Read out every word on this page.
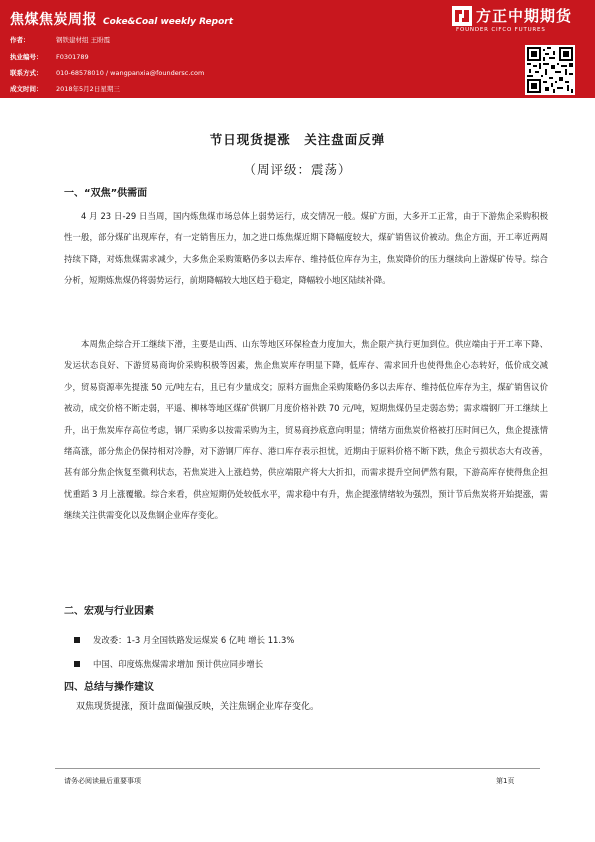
焦煤焦炭周报 Coke&Coal weekly Report
作者：	钢铁建材组 王盼霞
执业编号： F0301789
联系方式： 010-68578010 / wangpanxia@foundersc.com
成文时间： 2018年5月2日星期三
方正中期期货
FOUNDER CIFCO FUTURES
节日现货提涨　关注盘面反弹
（周评级：震荡）
一、“双焦”供需面
4 月 23 日-29 日当周，国内炼焦煤市场总体上弱势运行，成交情况一般。煤矿方面，大多开工正常，由于下游焦企采购积极性一般，部分煤矿出现库存，有一定销售压力，加之进口炼焦煤近期下降幅度较大，煤矿销售议价被动。焦企方面，开工率近两周持续下降，对炼焦煤需求减少，大多焦企采购策略仍多以去库存、维持低位库存为主，焦炭降价的压力继续向上游煤矿传导。综合分析，短期炼焦煤仍将弱势运行，前期降幅较大地区趋于稳定，降幅较小地区陆续补降。
本周焦企综合开工继续下滑，主要是山西、山东等地区环保检查力度加大，焦企限产执行更加到位。供应端由于开工率下降、发运状态良好、下游贸易商询价采购积极等因素，焦企焦炭库存明显下降，低库存、需求回升也使得焦企心态转好，低价成交减少，贸易资源率先提涨 50 元/吨左右，且已有少量成交；原料方面焦企采购策略仍多以去库存、维持低位库存为主，煤矿销售议价被动，成交价格不断走弱，平遥、柳林等地区煤矿供钢厂月度价格补跌 70 元/吨，短期焦煤仍呈走弱态势；需求端钢厂开工继续上升，出于焦炭库存高位考虑，钢厂采购多以按需采购为主，贸易商抄底意向明显；情绪方面焦炭价格被打压时间已久，焦企提涨情绪高涨，部分焦企仍保持相对冷静，对下游钢厂库存、港口库存表示担忧，近期由于原料价格不断下跌，焦企亏损状态大有改善，甚有部分焦企恢复至微利状态，若焦炭进入上涨趋势，供应端限产将大大折扣，而需求提升空间俨然有限，下游高库存使得焦企担忧重蹈 3 月上涨覆辙。综合来看，供应短期仍处较低水平，需求稳中有升，焦企提涨情绪较为强烈，预计节后焦炭将开始提涨，需继续关注供需变化以及焦钢企业库存变化。
二、宏观与行业因素
发改委：1-3 月全国铁路发运煤炭 6 亿吨 增长 11.3%
中国、印度炼焦煤需求增加 预计供应同步增长
四、总结与操作建议
双焦现货提涨，预计盘面偏强反映，关注焦钢企业库存变化。
请务必阅读最后重要事项	第1页
